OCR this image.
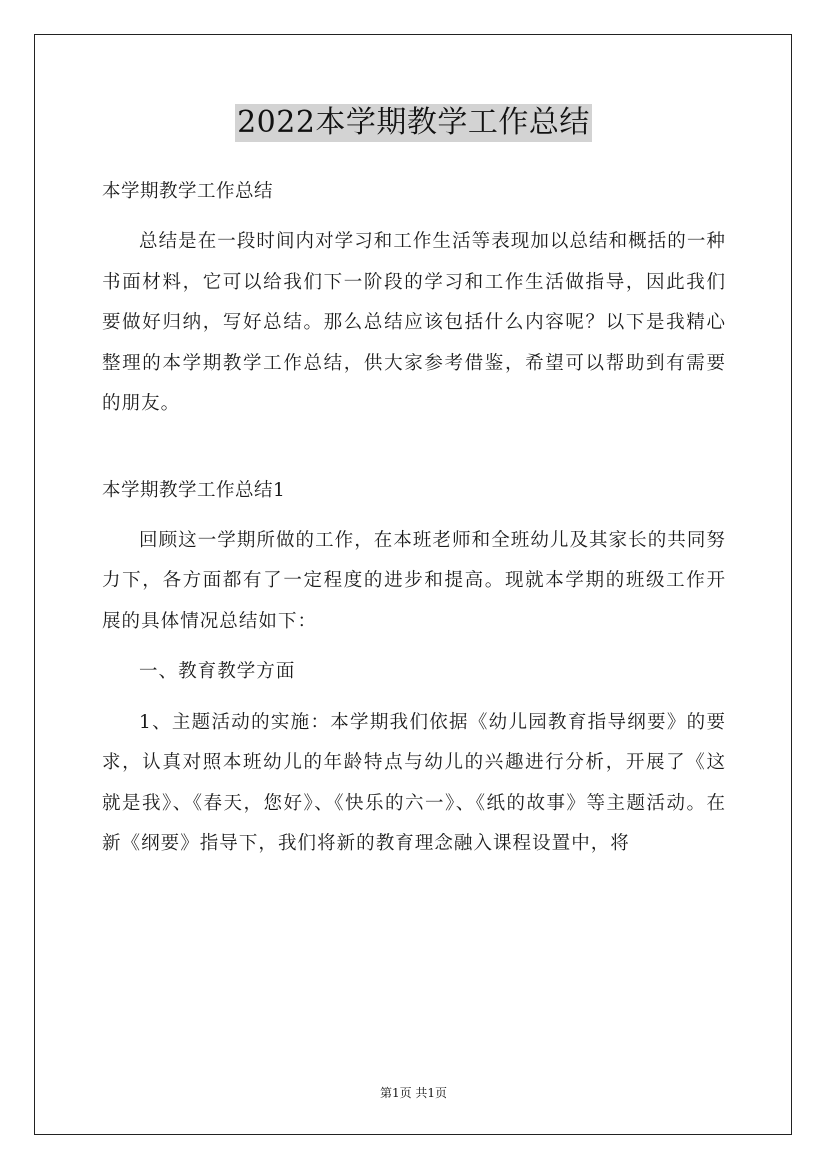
2022本学期教学工作总结

本学期教学工作总结

总结是在一段时间内对学习和工作生活等表现加以总结和概括的一种书面材料，它可以给我们下一阶段的学习和工作生活做指导，因此我们要做好归纳，写好总结。那么总结应该包括什么内容呢？以下是我精心整理的本学期教学工作总结，供大家参考借鉴，希望可以帮助到有需要的朋友。

本学期教学工作总结1

回顾这一学期所做的工作，在本班老师和全班幼儿及其家长的共同努力下，各方面都有了一定程度的进步和提高。现就本学期的班级工作开展的具体情况总结如下：

一、教育教学方面

1、主题活动的实施：本学期我们依据《幼儿园教育指导纲要》的要求，认真对照本班幼儿的年龄特点与幼儿的兴趣进行分析，开展了《这就是我》、《春天，您好》、《快乐的六一》、《纸的故事》等主题活动。在新《纲要》指导下，我们将新的教育理念融入课程设置中，将

第1页 共1页
